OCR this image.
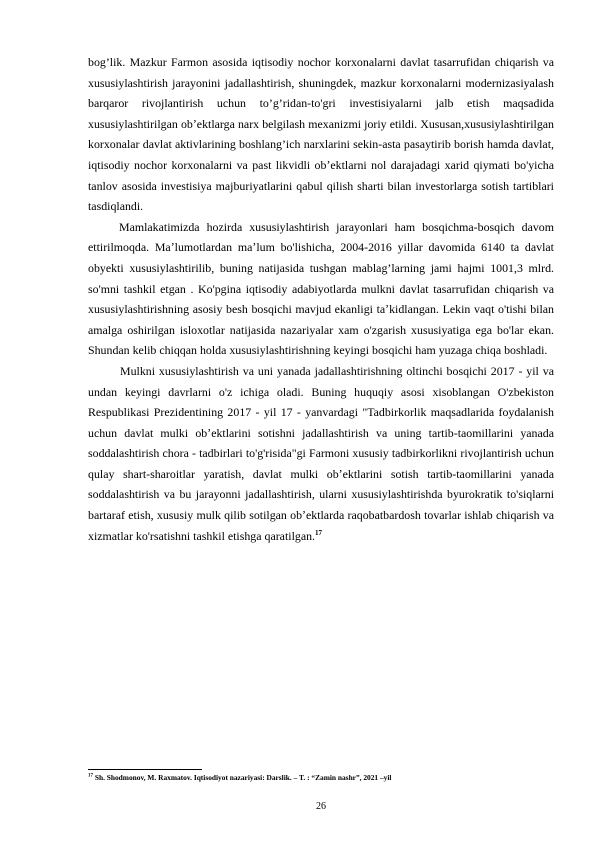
bog’lik. Mazkur Farmon asosida iqtisodiy nochor korxonalarni davlat tasarrufidan chiqarish va xususiylashtirish jarayonini jadallashtirish, shuningdek, mazkur korxonalarni modernizasiyalash barqaror rivojlantirish uchun to’g’ridan-to'gri investisiyalarni jalb etish maqsadida xususiylashtirilgan obʼektlarga narx belgilash mexanizmi joriy etildi. Xususan,xususiylashtirilgan korxonalar davlat aktivlarining boshlang’ich narxlarini sekin-asta pasaytirib borish hamda davlat, iqtisodiy nochor korxonalarni va past likvidli obʼektlarni nol darajadagi xarid qiymati bo'yicha tanlov asosida investisiya majburiyatlarini qabul qilish sharti bilan investorlarga sotish tartiblari tasdiqlandi.

Mamlakatimizda hozirda xususiylashtirish jarayonlari ham bosqichma-bosqich davom ettirilmoqda. Maʼlumotlardan maʼlum bo'lishicha, 2004-2016 yillar davomida 6140 ta davlat obyekti xususiylashtirilib, buning natijasida tushgan mablag’larning jami hajmi 1001,3 mlrd. so'mni tashkil etgan . Ko'pgina iqtisodiy adabiyotlarda mulkni davlat tasarrufidan chiqarish va xususiylashtirishning asosiy besh bosqichi mavjud ekanligi taʼkidlangan. Lekin vaqt o'tishi bilan amalga oshirilgan isloxotlar natijasida nazariyalar xam o'zgarish xususiyatiga ega bo'lar ekan. Shundan kelib chiqqan holda xususiylashtirishning keyingi bosqichi ham yuzaga chiqa boshladi.

Mulkni xususiylashtirish va uni yanada jadallashtirishning oltinchi bosqichi 2017 - yil va undan keyingi davrlarni o'z ichiga oladi. Buning huquqiy asosi xisoblangan O'zbekiston Respublikasi Prezidentining 2017 - yil 17 - yanvardagi "Tadbirkorlik maqsadlarida foydalanish uchun davlat mulki obʼektlarini sotishni jadallashtirish va uning tartib-taomillarini yanada soddalashtirish chora - tadbirlari to'g'risida"gi Farmoni xususiy tadbirkorlikni rivojlantirish uchun qulay shart-sharoitlar yaratish, davlat mulki obʼektlarini sotish tartib-taomillarini yanada soddalashtirish va bu jarayonni jadallashtirish, ularni xususiylashtirishda byurokratik to'siqlarni bartaraf etish, xususiy mulk qilib sotilgan obʼektlarda raqobatbardosh tovarlar ishlab chiqarish va xizmatlar ko'rsatishni tashkil etishga qaratilgan.$^{17}$

$^{17}$ Sh. Shodmonov, M. Raxmatov. Iqtisodiyot nazariyasi: Darslik. – T. : “Zamin nashr”, 2021 –yil
26
